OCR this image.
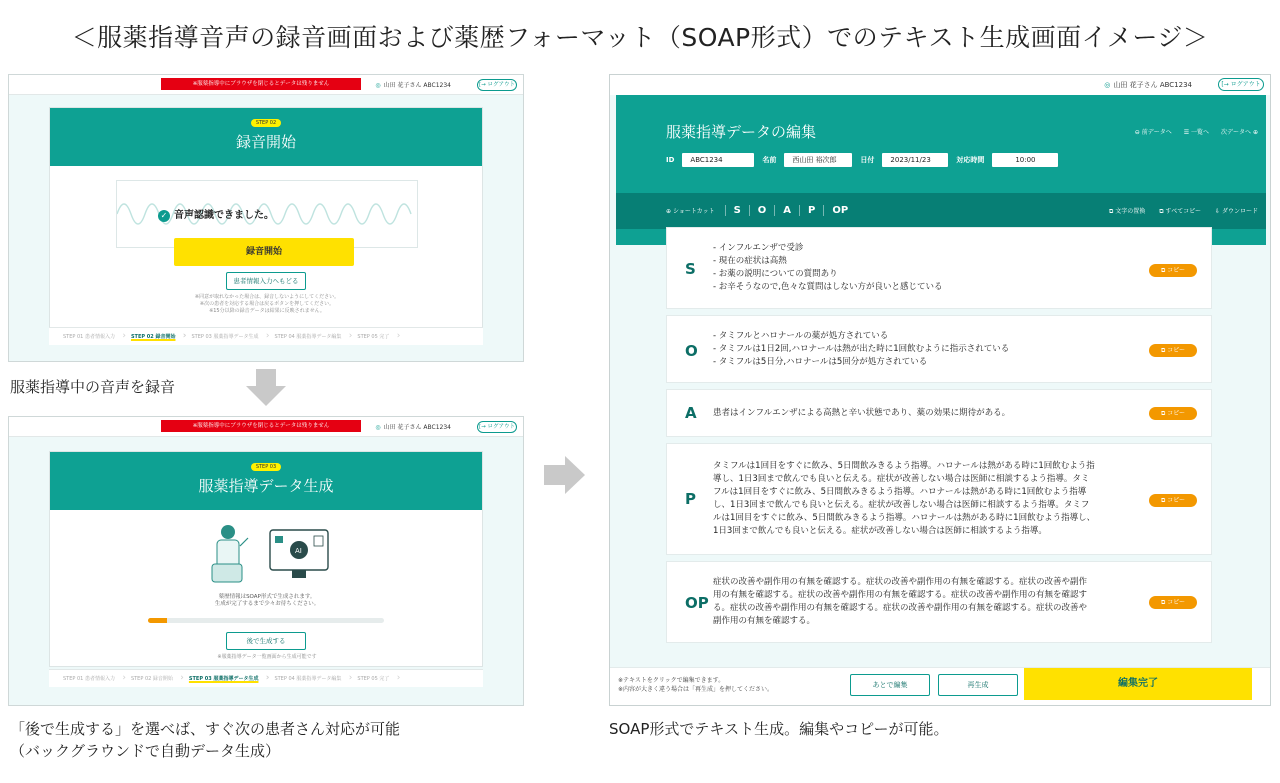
＜服薬指導音声の録音画面および薬歴フォーマット（SOAP形式）でのテキスト生成画面イメージ＞
※服薬指導中にブラウザを閉じるとデータは残りません	◎ 山田 花子さん ABC1234	[→ ログアウト
STEP 02
録音開始
✓ 音声認識できました。
録音開始
患者情報入力へもどる
※同意が取れなかった場合は、録音しないようにしてください。
※次の患者を対応する場合は戻るボタンを押してください。
※15分以降の録音データは結果に反映されません。
STEP 01 患者情報入力 ›	STEP 02 録音開始 ›	STEP 03 服薬指導データ生成 ›	STEP 04 服薬指導データ編集 ›	STEP 05 完了 ›
服薬指導中の音声を録音
※服薬指導中にブラウザを閉じるとデータは残りません	◎ 山田 花子さん ABC1234	[→ ログアウト
STEP 03
服薬指導データ生成
AI
薬歴情報はSOAP形式で生成されます。
生成が完了するまで少々お待ちください。
後で生成する
※服薬指導データ一覧画面から生成可能です
STEP 01 患者情報入力 ›	STEP 02 録音開始 ›	STEP 03 服薬指導データ生成 ›	STEP 04 服薬指導データ編集 ›	STEP 05 完了 ›
「後で生成する」を選べば、すぐ次の患者さん対応が可能
（バックグラウンドで自動データ生成）
◎ 山田 花子さん ABC1234	[→ ログアウト
服薬指導データの編集	⊖ 前データへ ☰ 一覧へ 次データへ ⊕
ID	ABC1234	名前	西山田 裕次郎	日付	2023/11/23	対応時間	10:00
⊕ ショートカット	S	O	A	P	OP	⧉ 文字の置換 ⧉ すべてコピー ⇩ ダウンロード
S
- インフルエンザで受診
- 現在の症状は高熱
- お薬の説明についての質問あり
- お辛そうなので,色々な質問はしない方が良いと感じている
⧉ コピー
O
- タミフルとハロナールの薬が処方されている
- タミフルは1日2回,ハロナールは熱が出た時に1回飲むように指示されている
- タミフルは5日分,ハロナールは5回分が処方されている
⧉ コピー
A 患者はインフルエンザによる高熱と辛い状態であり、薬の効果に期待がある。	⧉ コピー
P
タミフルは1回目をすぐに飲み、5日間飲みきるよう指導。ハロナールは熱がある時に1回飲むよう指
導し、1日3回まで飲んでも良いと伝える。症状が改善しない場合は医師に相談するよう指導。タミ
フルは1回目をすぐに飲み、5日間飲みきるよう指導。ハロナールは熱がある時に1回飲むよう指導
し、1日3回まで飲んでも良いと伝える。症状が改善しない場合は医師に相談するよう指導。タミフ
ルは1回目をすぐに飲み、5日間飲みきるよう指導。ハロナールは熱がある時に1回飲むよう指導し、
1日3回まで飲んでも良いと伝える。症状が改善しない場合は医師に相談するよう指導。
⧉ コピー
OP
症状の改善や副作用の有無を確認する。症状の改善や副作用の有無を確認する。症状の改善や副作
用の有無を確認する。症状の改善や副作用の有無を確認する。症状の改善や副作用の有無を確認す
る。症状の改善や副作用の有無を確認する。症状の改善や副作用の有無を確認する。症状の改善や
副作用の有無を確認する。
⧉ コピー
※テキストをクリックで編集できます。
※内容が大きく違う場合は「再生成」を押してください。
あとで編集	再生成	編集完了
SOAP形式でテキスト生成。編集やコピーが可能。
